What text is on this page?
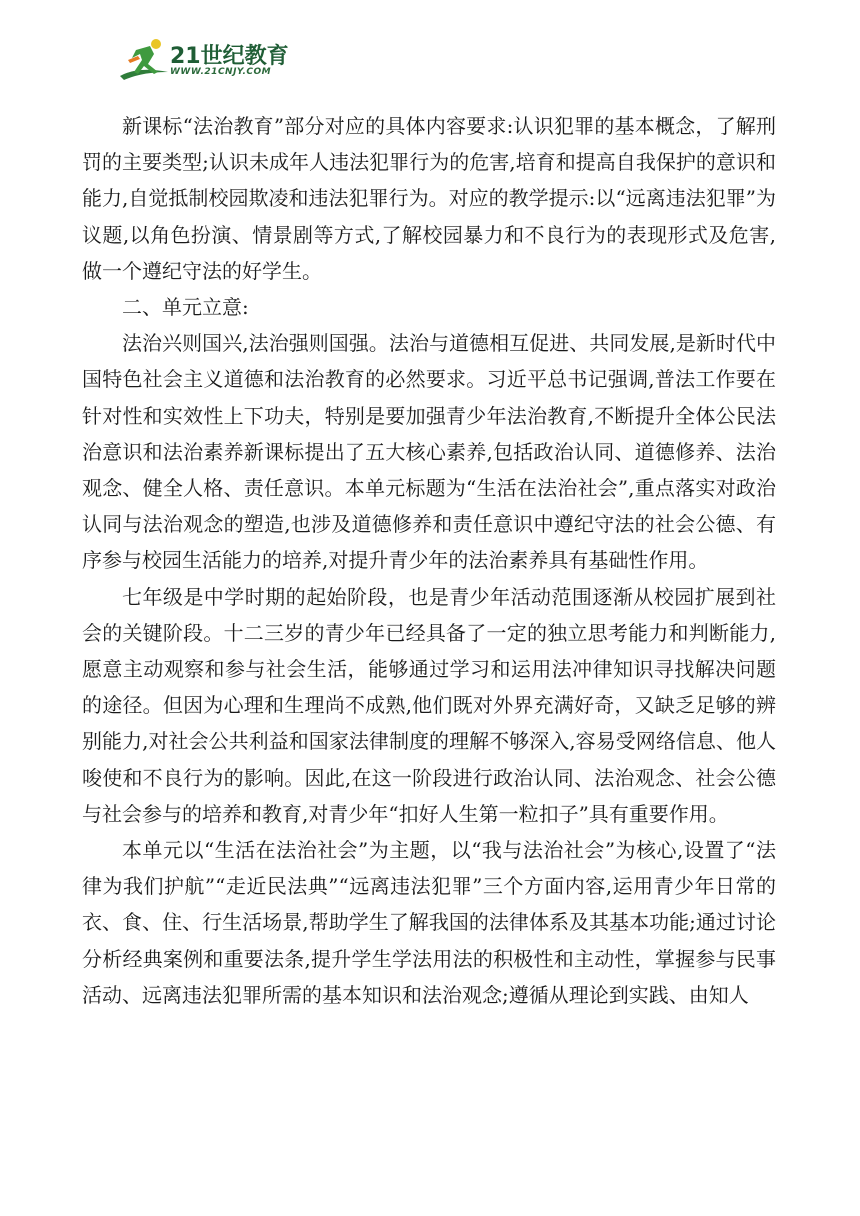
21世纪教育
WWW.21CNJY.COM

新课标“法治教育”部分对应的具体内容要求:认识犯罪的基本概念，了解刑罚的主要类型;认识未成年人违法犯罪行为的危害,培育和提高自我保护的意识和能力,自觉抵制校园欺凌和违法犯罪行为。对应的教学提示:以“远离违法犯罪”为议题,以角色扮演、情景剧等方式,了解校园暴力和不良行为的表现形式及危害,做一个遵纪守法的好学生。

二、单元立意:

法治兴则国兴,法治强则国强。法治与道德相互促进、共同发展,是新时代中国特色社会主义道德和法治教育的必然要求。习近平总书记强调,普法工作要在针对性和实效性上下功夫，特别是要加强青少年法治教育,不断提升全体公民法治意识和法治素养新课标提出了五大核心素养,包括政治认同、道德修养、法治观念、健全人格、责任意识。本单元标题为“生活在法治社会”,重点落实对政治认同与法治观念的塑造,也涉及道德修养和责任意识中遵纪守法的社会公德、有序参与校园生活能力的培养,对提升青少年的法治素养具有基础性作用。

七年级是中学时期的起始阶段，也是青少年活动范围逐渐从校园扩展到社会的关键阶段。十二三岁的青少年已经具备了一定的独立思考能力和判断能力,愿意主动观察和参与社会生活，能够通过学习和运用法冲律知识寻找解决问题的途径。但因为心理和生理尚不成熟,他们既对外界充满好奇，又缺乏足够的辨别能力,对社会公共利益和国家法律制度的理解不够深入,容易受网络信息、他人唆使和不良行为的影响。因此,在这一阶段进行政治认同、法治观念、社会公德与社会参与的培养和教育,对青少年“扣好人生第一粒扣子”具有重要作用。

本单元以“生活在法治社会”为主题，以“我与法治社会”为核心,设置了“法律为我们护航”“走近民法典”“远离违法犯罪”三个方面内容,运用青少年日常的衣、食、住、行生活场景,帮助学生了解我国的法律体系及其基本功能;通过讨论分析经典案例和重要法条,提升学生学法用法的积极性和主动性，掌握参与民事活动、远离违法犯罪所需的基本知识和法治观念;遵循从理论到实践、由知人
